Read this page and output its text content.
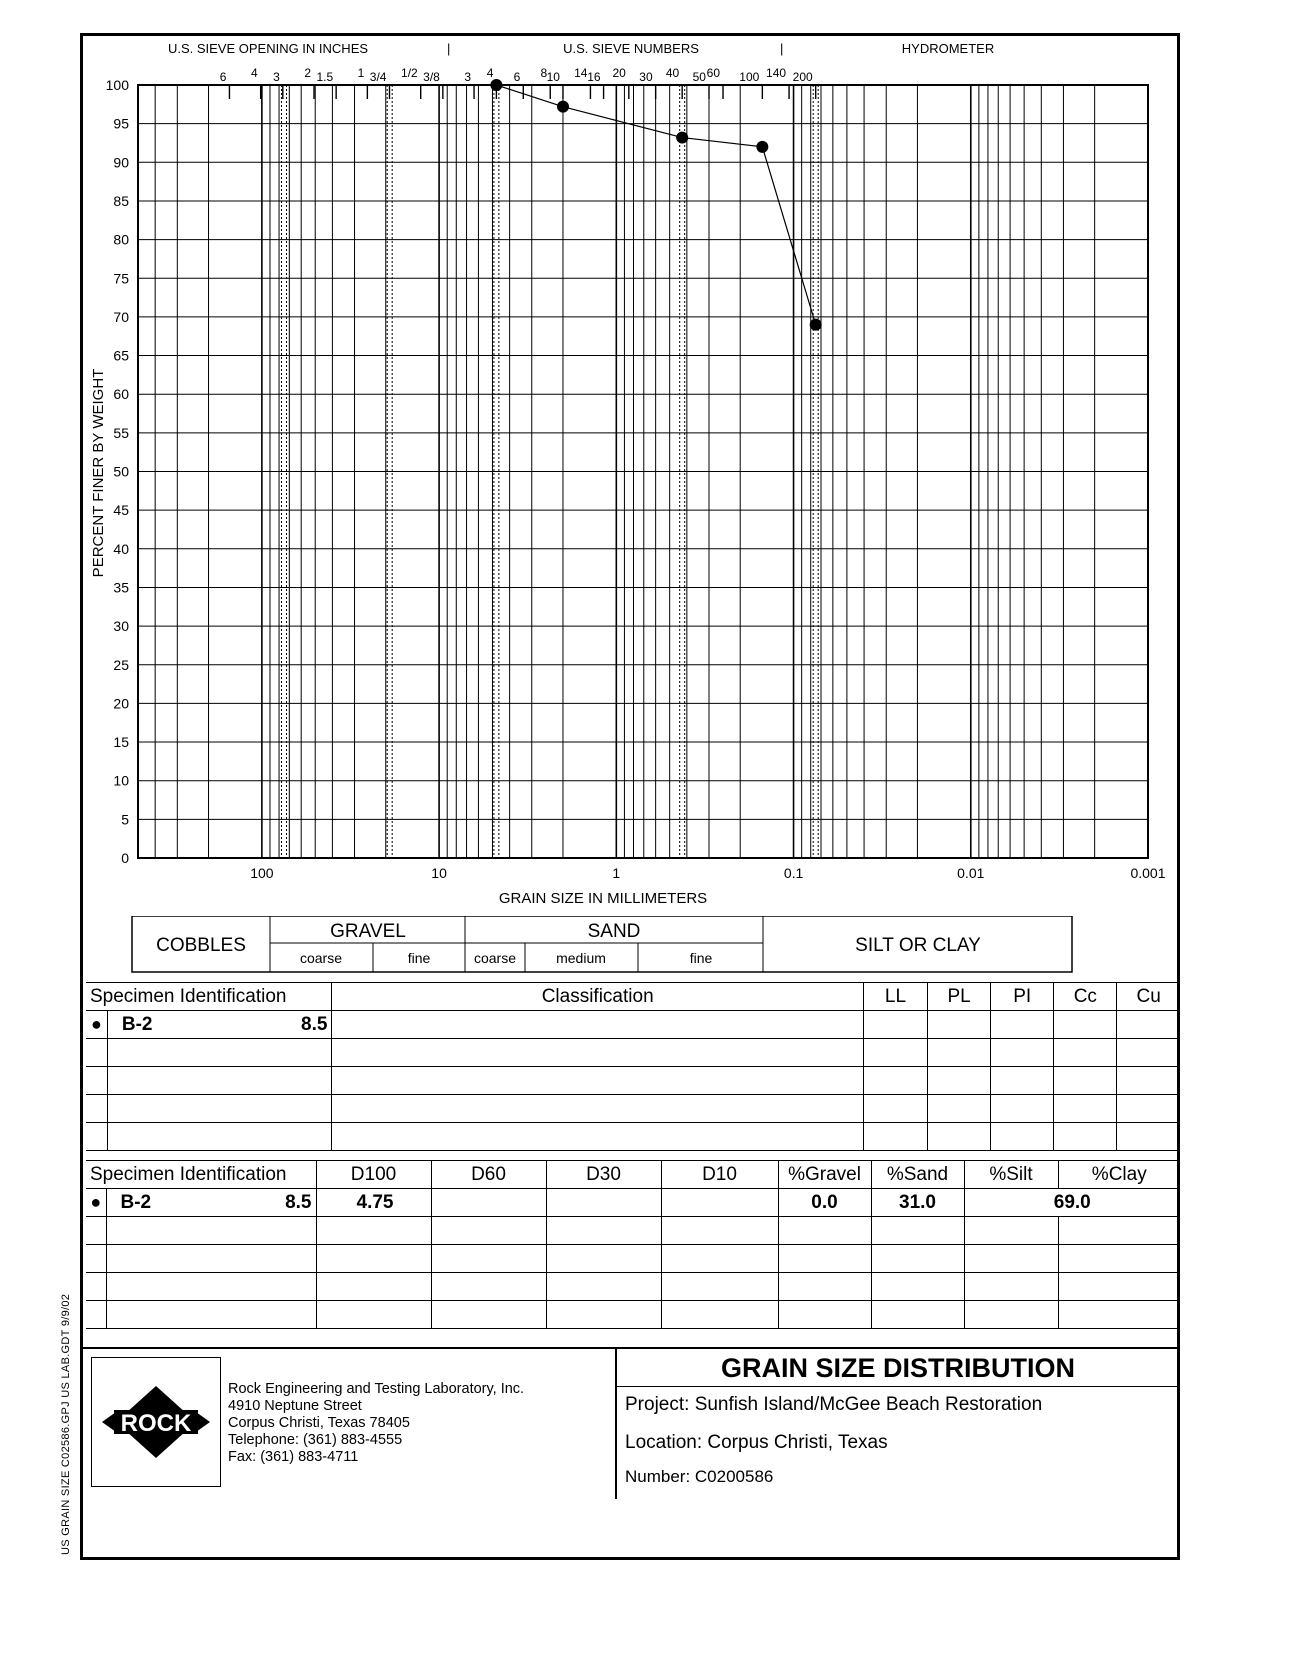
U.S. SIEVE OPENING IN INCHES	|	U.S. SIEVE NUMBERS	|	HYDROMETER
6 4 3 2 1.5 1 3/4 1/2 3/8 3 4 6 8 10 14 16 20 30 40 50 60 100 140 200
0
5
10
15
20
25
30
35
40
45
50
55
60
65
70
75
80
85
90
95
100
100	10	1	0.1	0.01	0.001
PERCENT FINER BY WEIGHT
GRAIN SIZE IN MILLIMETERS
COBBLES
GRAVEL	SAND
SILT OR CLAY
coarse	fine	coarse	medium	fine
Specimen Identification		Classification	LL	PL	PI	Cc	Cu
●	B-2 8.5						

Specimen Identification		D100	D60	D30	D10	%Gravel	%Sand	%Silt	%Clay
●	B-2 8.5	4.75				0.0	31.0	69.0	

ROCK
Rock Engineering and Testing Laboratory, Inc.
4910 Neptune Street
Corpus Christi, Texas 78405
Telephone: (361) 883-4555
Fax: (361) 883-4711
GRAIN SIZE DISTRIBUTION
Project: Sunfish Island/McGee Beach Restoration
Location: Corpus Christi, Texas
Number: C0200586
US GRAIN SIZE C02586.GPJ US LAB.GDT 9/9/02
